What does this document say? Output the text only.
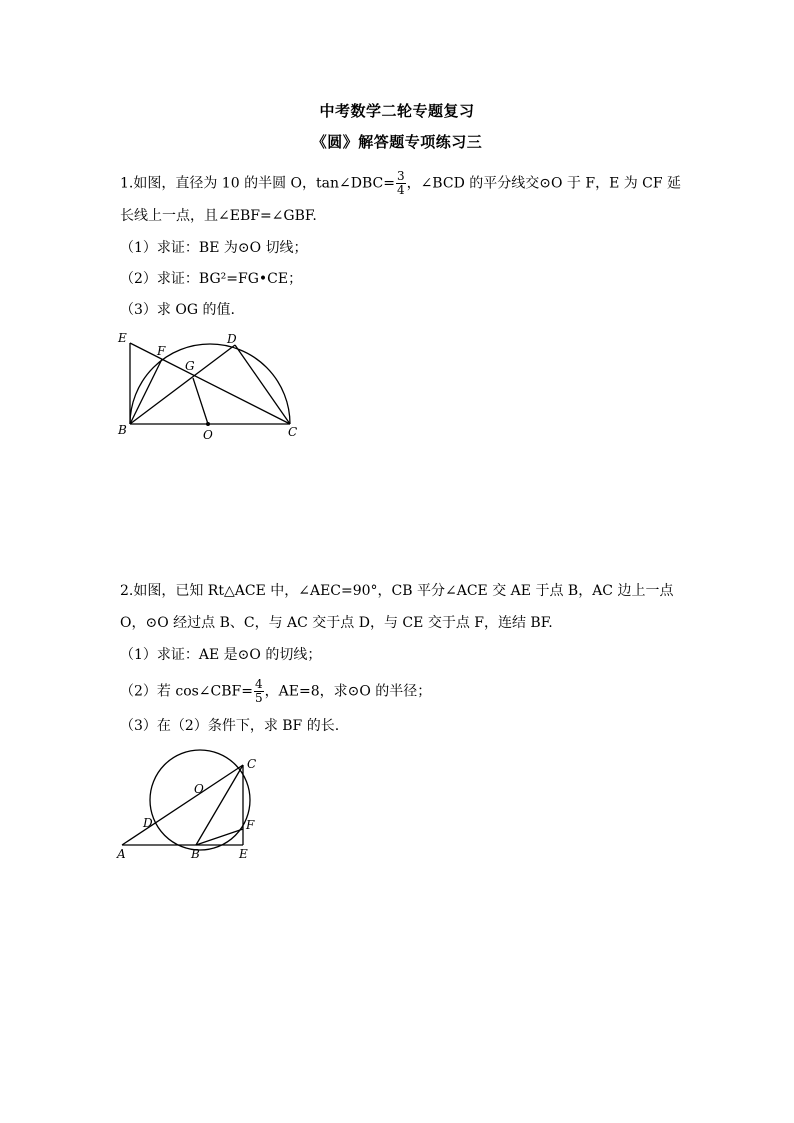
中考数学二轮专题复习
《圆》解答题专项练习三
1.如图，直径为 10 的半圆 O，tan∠DBC= $\frac{3}{4}$ ，∠BCD 的平分线交⊙O 于 F，E 为 CF 延
长线上一点，且∠EBF=∠GBF.
（1）求证：BE 为⊙O 切线；
（2）求证：BG²=FG•CE；
（3）求 OG 的值.
E
F
D
G
B	O	C
2.如图，已知 Rt△ACE 中，∠AEC=90°，CB 平分∠ACE 交 AE 于点 B，AC 边上一点
O，⊙O 经过点 B、C，与 AC 交于点 D，与 CE 交于点 F，连结 BF.
（1）求证：AE 是⊙O 的切线；
（2）若 cos∠CBF= $\frac{4}{5}$ ，AE=8，求⊙O 的半径；
（3）在（2）条件下，求 BF 的长.
C
O
D	F
A	B	E
